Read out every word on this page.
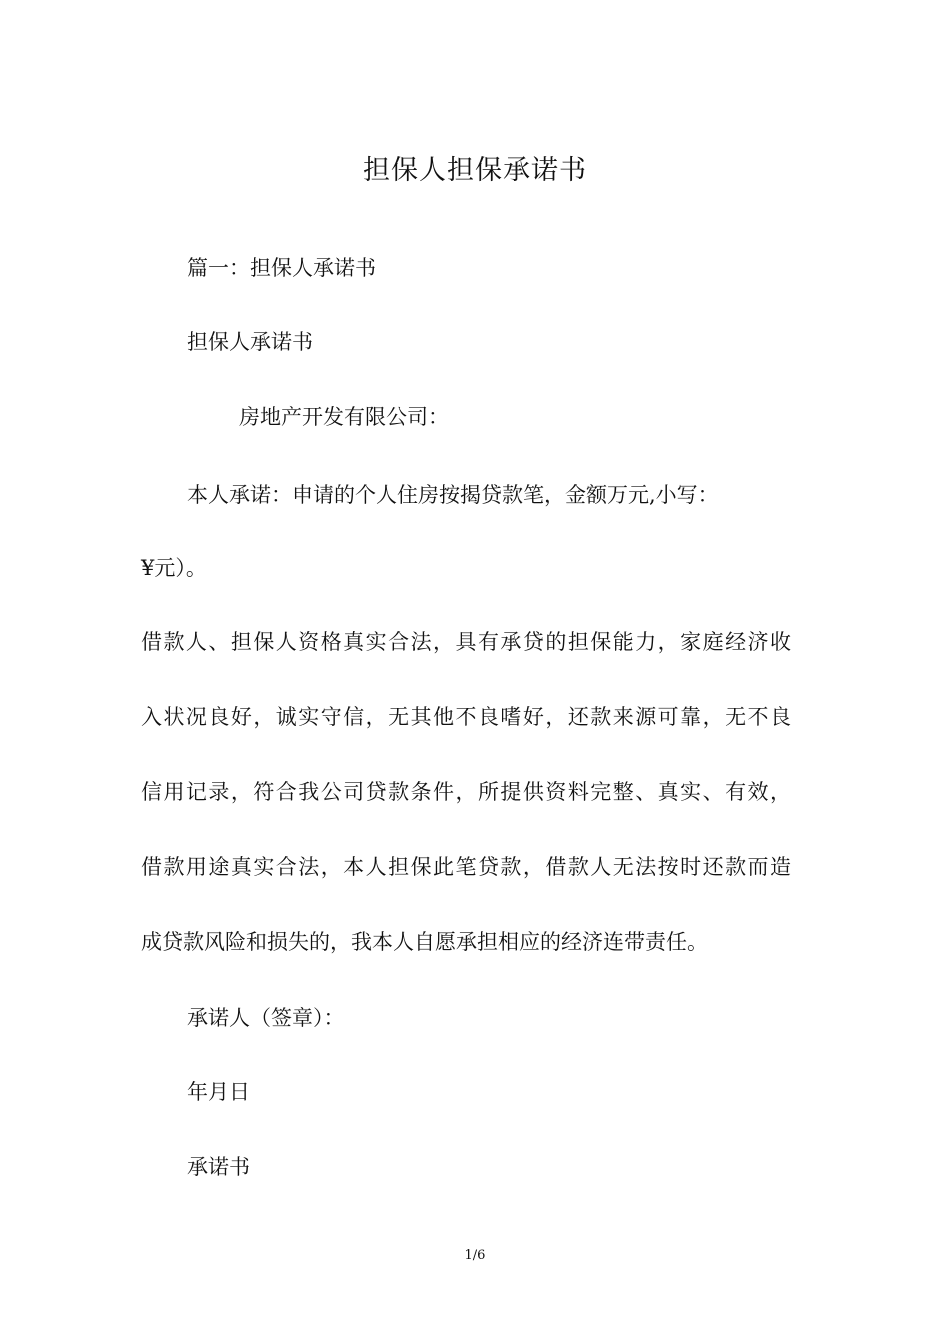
担保人担保承诺书
篇一：担保人承诺书
担保人承诺书
房地产开发有限公司：
本人承诺：申请的个人住房按揭贷款笔，金额万元,小写：
¥元）。
借款人、担保人资格真实合法，具有承贷的担保能力，家庭经济收
入状况良好，诚实守信，无其他不良嗜好，还款来源可靠，无不良
信用记录，符合我公司贷款条件，所提供资料完整、真实、有效，
借款用途真实合法，本人担保此笔贷款，借款人无法按时还款而造
成贷款风险和损失的，我本人自愿承担相应的经济连带责任。
承诺人（签章）：
年月日
承诺书
1/6
